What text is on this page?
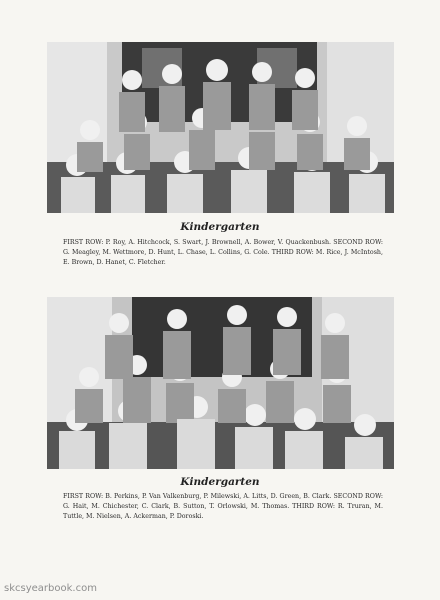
Kindergarten
FIRST ROW: P. Roy, A. Hitchcock, S. Swart, J. Brownell, A. Bower, V. Quackenbush. SECOND ROW: G. Meagley, M. Wettmore, D. Hunt, L. Chase, L. Collins, G. Cole. THIRD ROW: M. Rice, J. McIntosh, E. Brown, D. Hanet, C. Fletcher.
Kindergarten
FIRST ROW: B. Perkins, P. Van Valkenburg, P. Milewski, A. Litts, D. Green, B. Clark. SECOND ROW: G. Hait, M. Chichester, C. Clark, B. Sutton, T. Orlowski, M. Thomas. THIRD ROW: R. Truran, M. Tuttle, M. Nielsen, A. Ackerman, P. Doroski.
skcsyearbook.com
